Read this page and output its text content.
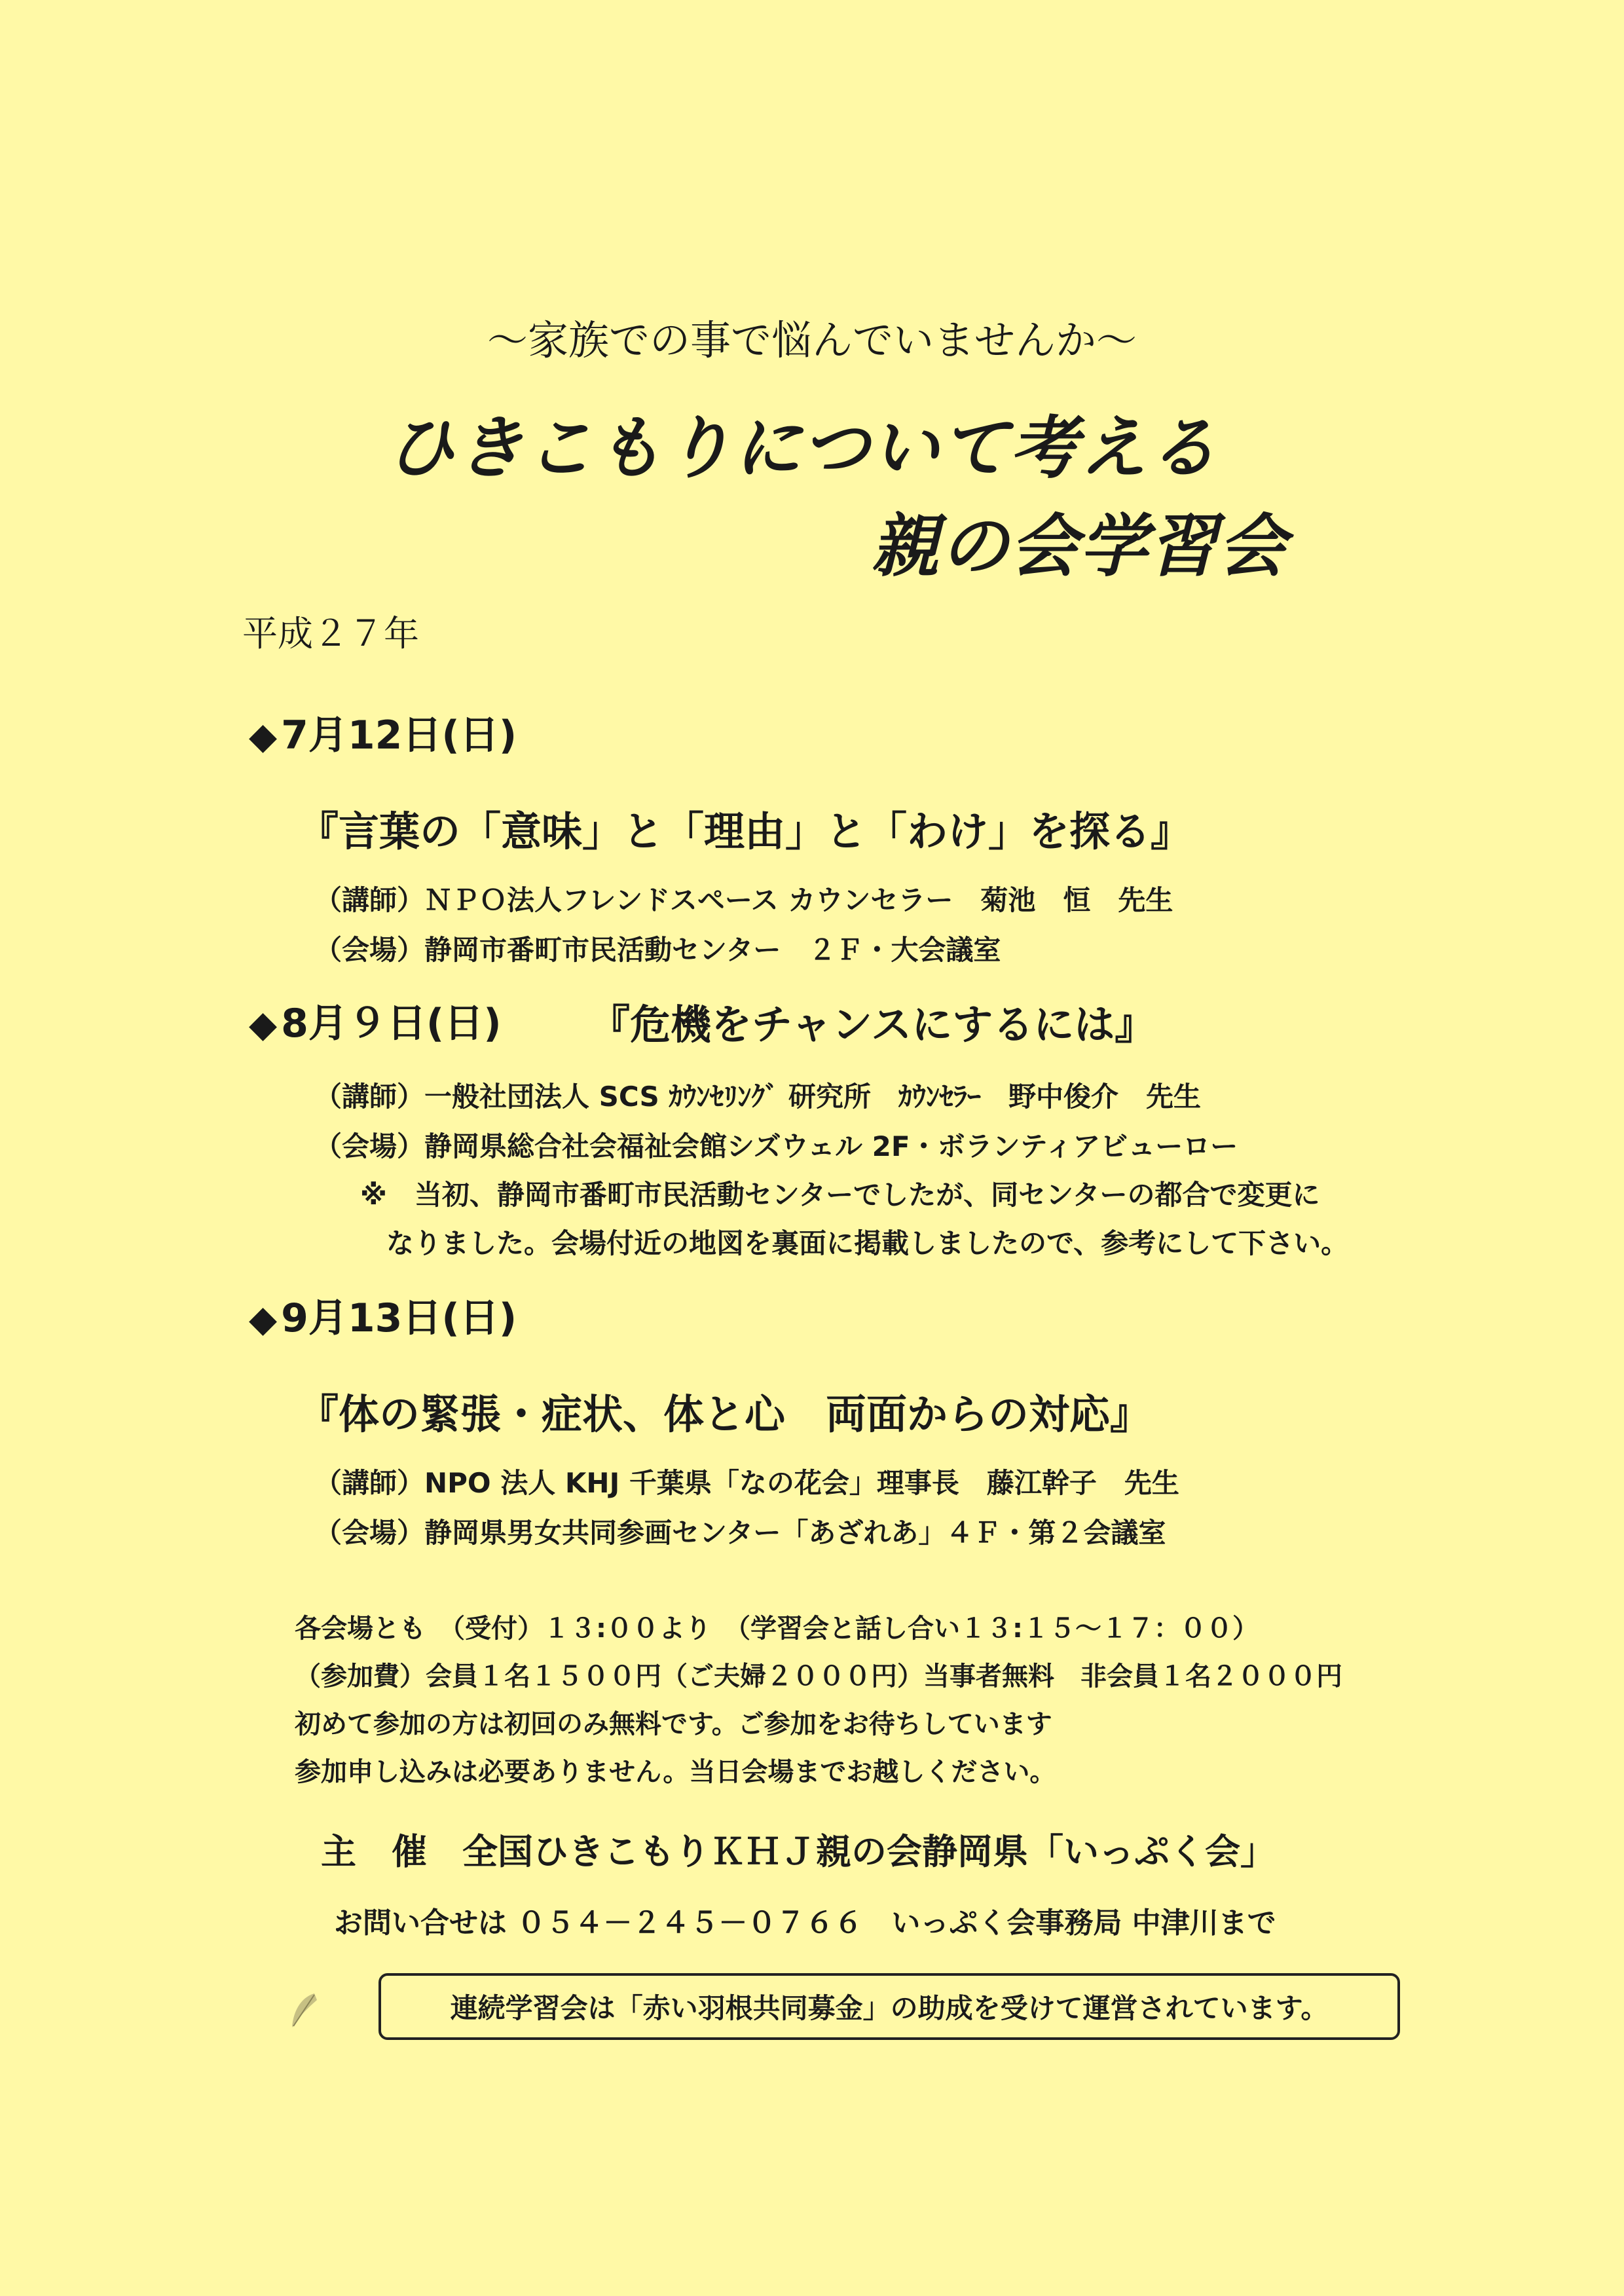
～家族での事で悩んでいませんか～
ひきこもりについて考える
親の会学習会
平成２７年
◆ 7月12日(日)
『言葉の「意味」と「理由」と「わけ」を探る』
（講師）ＮＰＯ法人フレンドスペース カウンセラー　菊池　恒　先生
（会場）静岡市番町市民活動センター　２Ｆ・大会議室
◆ 8月９日(日) 『危機をチャンスにするには』
（講師）一般社団法人 SCS ｶｳﾝｾﾘﾝｸﾞ 研究所　ｶｳﾝｾﾗｰ　野中俊介　先生
（会場）静岡県総合社会福祉会館シズウェル 2F・ボランティアビューロー
※　当初、静岡市番町市民活動センターでしたが、同センターの都合で変更に
なりました。会場付近の地図を裏面に掲載しましたので、参考にして下さい。
◆ 9月13日(日)
『体の緊張・症状、体と心　両面からの対応』
（講師）NPO 法人 KHJ 千葉県「なの花会」理事長　藤江幹子　先生
（会場）静岡県男女共同参画センター「あざれあ」４Ｆ・第２会議室
各会場とも　（受付）１３:００より　（学習会と話し合い１３:１５～１７：００）
（参加費）会員１名１５００円（ご夫婦２０００円）当事者無料　非会員１名２０００円
初めて参加の方は初回のみ無料です。ご参加をお待ちしています
参加申し込みは必要ありません。当日会場までお越しください。
主　催　全国ひきこもりＫＨＪ親の会静岡県「いっぷく会」
お問い合せは ０５４－２４５－０７６６　いっぷく会事務局 中津川まで
連続学習会は「赤い羽根共同募金」の助成を受けて運営されています。
